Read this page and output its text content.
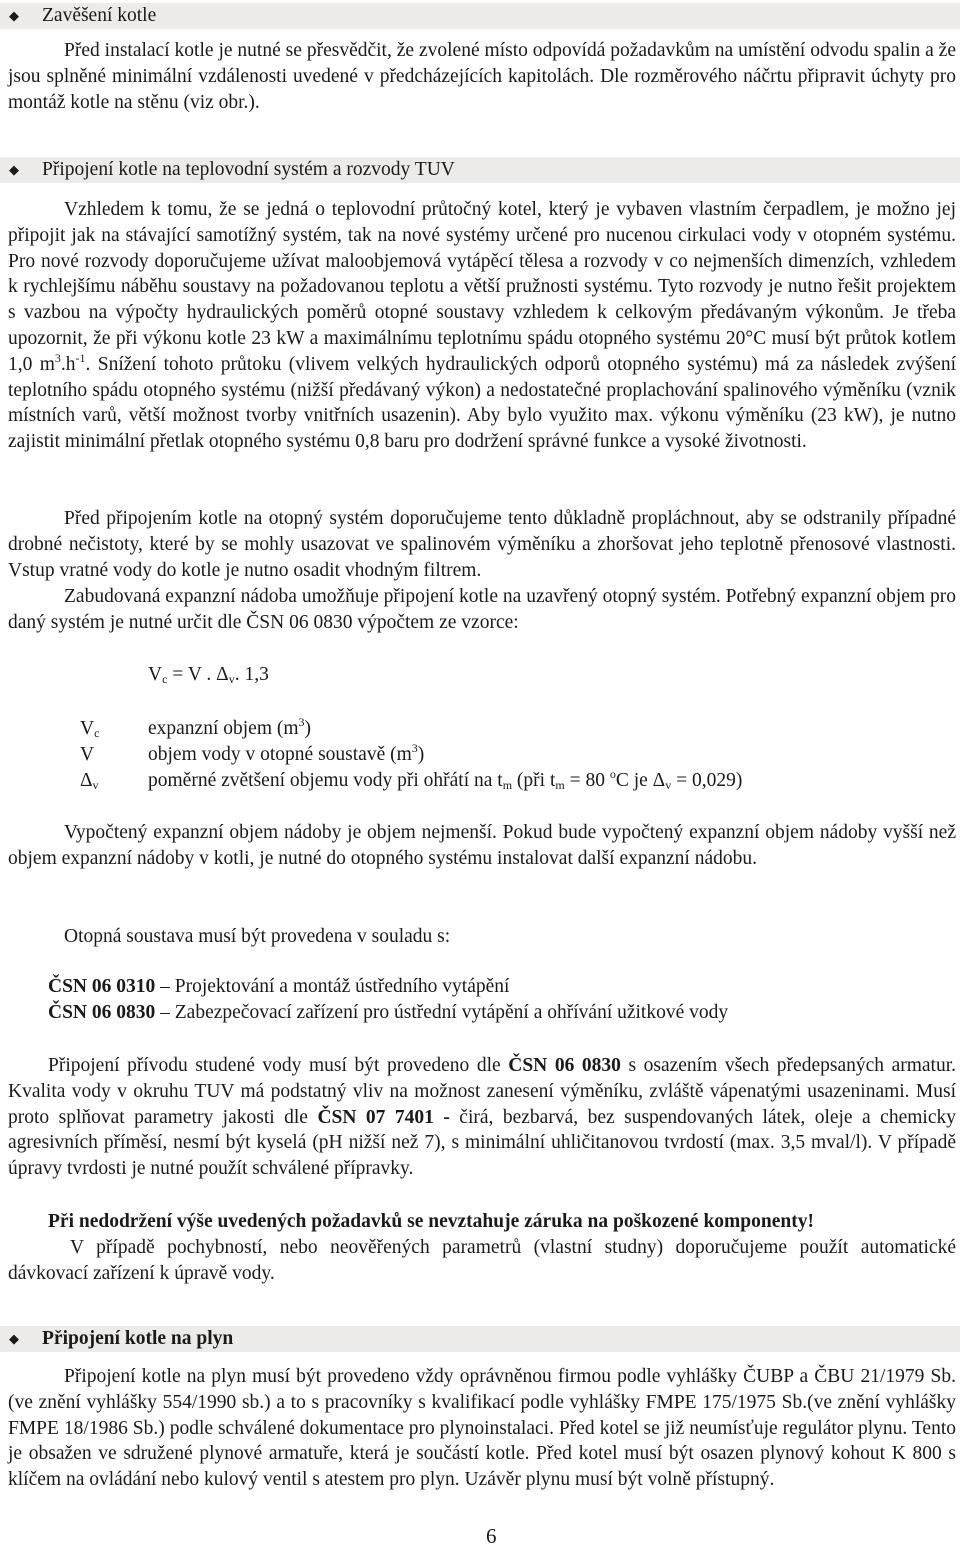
◆ Zavěšení kotle

Před instalací kotle je nutné se přesvědčit, že zvolené místo odpovídá požadavkům na umístění odvodu spalin a že jsou splněné minimální vzdálenosti uvedené v předcházejících kapitolách. Dle rozměrového náčrtu připravit úchyty pro montáž kotle na stěnu (viz obr.).

◆ Připojení kotle na teplovodní systém a rozvody TUV

Vzhledem k tomu, že se jedná o teplovodní průtočný kotel, který je vybaven vlastním čerpadlem, je možno jej připojit jak na stávající samotížný systém, tak na nové systémy určené pro nucenou cirkulaci vody v otopném systému. Pro nové rozvody doporučujeme užívat maloobjemová vytápěcí tělesa a rozvody v co nejmenších dimenzích, vzhledem k rychlejšímu náběhu soustavy na požadovanou teplotu a větší pružnosti systému. Tyto rozvody je nutno řešit projektem s vazbou na výpočty hydraulických poměrů otopné soustavy vzhledem k celkovým předávaným výkonům. Je třeba upozornit, že při výkonu kotle 23 kW a maximálnímu teplotnímu spádu otopného systému 20°C musí být průtok kotlem 1,0 $m^3.h^{-1}$. Snížení tohoto průtoku (vlivem velkých hydraulických odporů otopného systému) má za následek zvýšení teplotního spádu otopného systému (nižší předávaný výkon) a nedostatečné proplachování spalinového výměníku (vznik místních varů, větší možnost tvorby vnitřních usazenin). Aby bylo využito max. výkonu výměníku (23 kW), je nutno zajistit minimální přetlak otopného systému 0,8 baru pro dodržení správné funkce a vysoké životnosti.

Před připojením kotle na otopný systém doporučujeme tento důkladně propláchnout, aby se odstranily případné drobné nečistoty, které by se mohly usazovat ve spalinovém výměníku a zhoršovat jeho teplotně přenosové vlastnosti. Vstup vratné vody do kotle je nutno osadit vhodným filtrem.

Zabudovaná expanzní nádoba umožňuje připojení kotle na uzavřený otopný systém. Potřebný expanzní objem pro daný systém je nutné určit dle ČSN 06 0830 výpočtem ze vzorce:

$V_c = V$ . $\Delta_v$. 1,3
$V_c$ expanzní objem $(m^3)$
V	objem vody v otopné soustavě $(m^3)$
$\Delta_v$	poměrné zvětšení objemu vody při ohřátí na $t_m$ (při $t_m = 80$ $^o$C je $\Delta_v = 0,029$)

Vypočtený expanzní objem nádoby je objem nejmenší. Pokud bude vypočtený expanzní objem nádoby vyšší než objem expanzní nádoby v kotli, je nutné do otopného systému instalovat další expanzní nádobu.

Otopná soustava musí být provedena v souladu s:
ČSN 06 0310 – Projektování a montáž ústředního vytápění
ČSN 06 0830 – Zabezpečovací zařízení pro ústřední vytápění a ohřívání užitkové vody

Připojení přívodu studené vody musí být provedeno dle ČSN 06 0830 s osazením všech předepsaných armatur. Kvalita vody v okruhu TUV má podstatný vliv na možnost zanesení výměníku, zvláště vápenatými usazeninami. Musí proto splňovat parametry jakosti dle ČSN 07 7401 - čirá, bezbarvá, bez suspendovaných látek, oleje a chemicky agresivních příměsí, nesmí být kyselá (pH nižší než 7), s minimální uhličitanovou tvrdostí (max. 3,5 mval/l). V případě úpravy tvrdosti je nutné použít schválené přípravky.

Při nedodržení výše uvedených požadavků se nevztahuje záruka na poškozené komponenty!

V případě pochybností, nebo neověřených parametrů (vlastní studny) doporučujeme použít automatické dávkovací zařízení k úpravě vody.

◆ Připojení kotle na plyn

Připojení kotle na plyn musí být provedeno vždy oprávněnou firmou podle vyhlášky ČUBP a ČBU 21/1979 Sb.(ve znění vyhlášky 554/1990 sb.) a to s pracovníky s kvalifikací podle vyhlášky FMPE 175/1975 Sb.(ve znění vyhlášky FMPE 18/1986 Sb.) podle schválené dokumentace pro plynoinstalaci. Před kotel se již neumísťuje regulátor plynu. Tento je obsažen ve sdružené plynové armatuře, která je součástí kotle. Před kotel musí být osazen plynový kohout K 800 s klíčem na ovládání nebo kulový ventil s atestem pro plyn. Uzávěr plynu musí být volně přístupný.

6
